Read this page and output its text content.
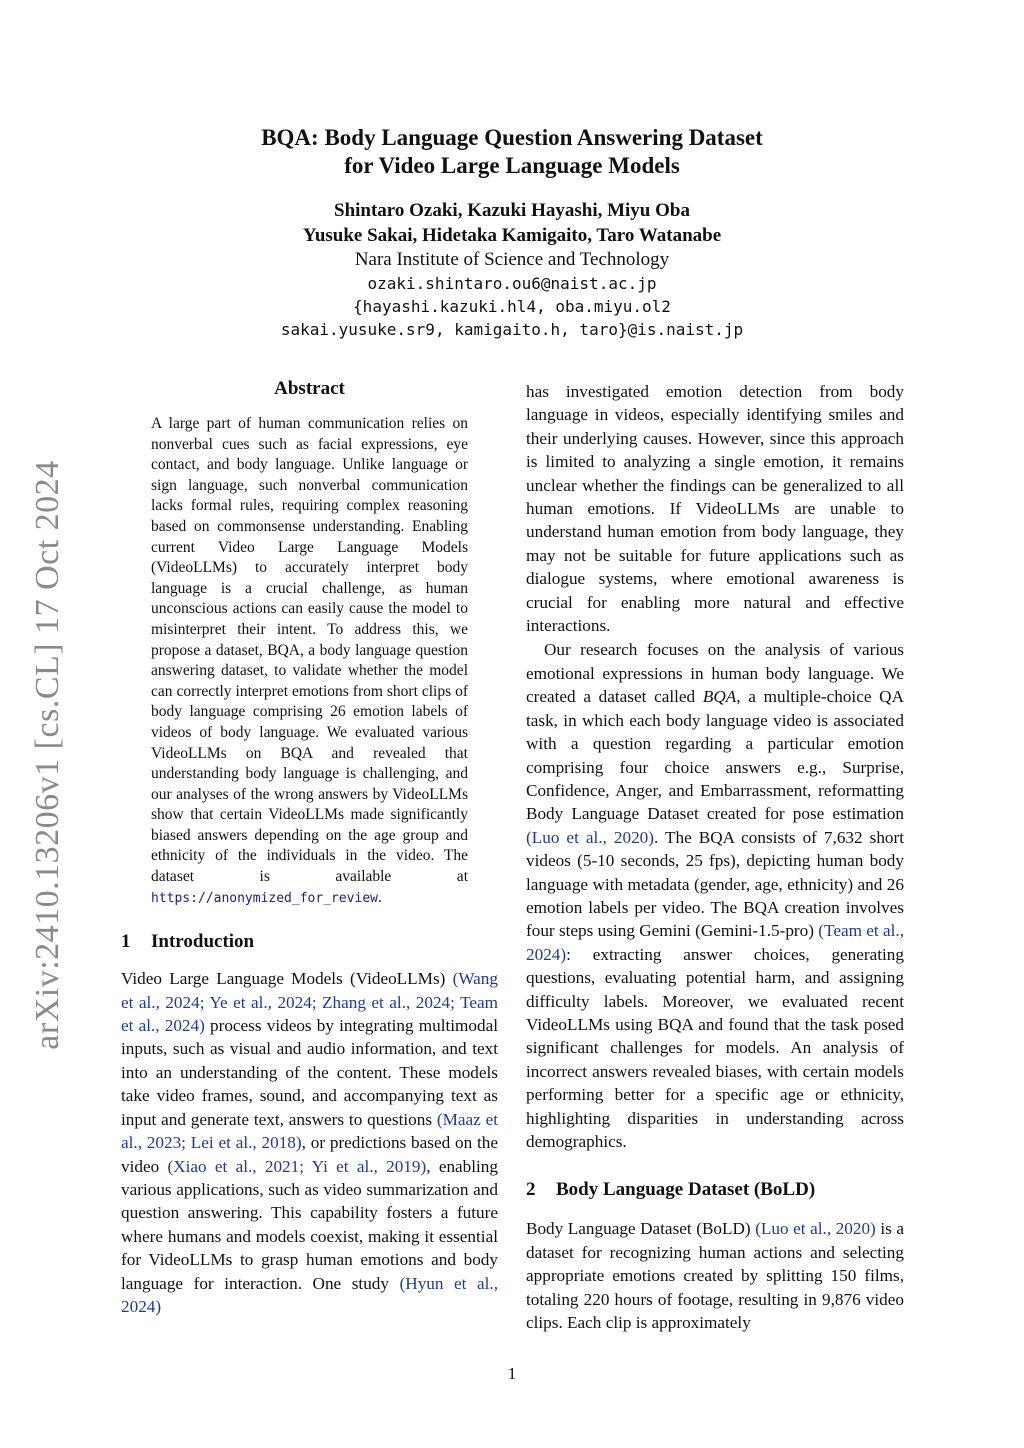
arXiv:2410.13206v1 [cs.CL] 17 Oct 2024
BQA: Body Language Question Answering Dataset
for Video Large Language Models
Shintaro Ozaki, Kazuki Hayashi, Miyu Oba
Yusuke Sakai, Hidetaka Kamigaito, Taro Watanabe
Nara Institute of Science and Technology
ozaki.shintaro.ou6@naist.ac.jp
{hayashi.kazuki.hl4, oba.miyu.ol2
sakai.yusuke.sr9, kamigaito.h, taro}@is.naist.jp
Abstract

A large part of human communication relies on nonverbal cues such as facial expressions, eye contact, and body language. Unlike language or sign language, such nonverbal communication lacks formal rules, requiring complex reasoning based on commonsense understanding. Enabling current Video Large Language Models (VideoLLMs) to accurately interpret body language is a crucial challenge, as human unconscious actions can easily cause the model to misinterpret their intent. To address this, we propose a dataset, BQA, a body language question answering dataset, to validate whether the model can correctly interpret emotions from short clips of body language comprising 26 emotion labels of videos of body language. We evaluated various VideoLLMs on BQA and revealed that understanding body language is challenging, and our analyses of the wrong answers by VideoLLMs show that certain VideoLLMs made significantly biased answers depending on the age group and ethnicity of the individuals in the video. The dataset is available at https://anonymized_for_review.

1 Introduction

Video Large Language Models (VideoLLMs) (Wang et al., 2024; Ye et al., 2024; Zhang et al., 2024; Team et al., 2024) process videos by integrating multimodal inputs, such as visual and audio information, and text into an understanding of the content. These models take video frames, sound, and accompanying text as input and generate text, answers to questions (Maaz et al., 2023; Lei et al., 2018), or predictions based on the video (Xiao et al., 2021; Yi et al., 2019), enabling various applications, such as video summarization and question answering. This capability fosters a future where humans and models coexist, making it essential for VideoLLMs to grasp human emotions and body language for interaction. One study (Hyun et al., 2024)

has investigated emotion detection from body language in videos, especially identifying smiles and their underlying causes. However, since this approach is limited to analyzing a single emotion, it remains unclear whether the findings can be generalized to all human emotions. If VideoLLMs are unable to understand human emotion from body language, they may not be suitable for future applications such as dialogue systems, where emotional awareness is crucial for enabling more natural and effective interactions.

Our research focuses on the analysis of various emotional expressions in human body language. We created a dataset called BQA, a multiple-choice QA task, in which each body language video is associated with a question regarding a particular emotion comprising four choice answers e.g., Surprise, Confidence, Anger, and Embarrassment, reformatting Body Language Dataset created for pose estimation (Luo et al., 2020). The BQA consists of 7,632 short videos (5-10 seconds, 25 fps), depicting human body language with metadata (gender, age, ethnicity) and 26 emotion labels per video. The BQA creation involves four steps using Gemini (Gemini-1.5-pro) (Team et al., 2024): extracting answer choices, generating questions, evaluating potential harm, and assigning difficulty labels. Moreover, we evaluated recent VideoLLMs using BQA and found that the task posed significant challenges for models. An analysis of incorrect answers revealed biases, with certain models performing better for a specific age or ethnicity, highlighting disparities in understanding across demographics.

2 Body Language Dataset (BoLD)

Body Language Dataset (BoLD) (Luo et al., 2020) is a dataset for recognizing human actions and selecting appropriate emotions created by splitting 150 films, totaling 220 hours of footage, resulting in 9,876 video clips. Each clip is approximately

1
